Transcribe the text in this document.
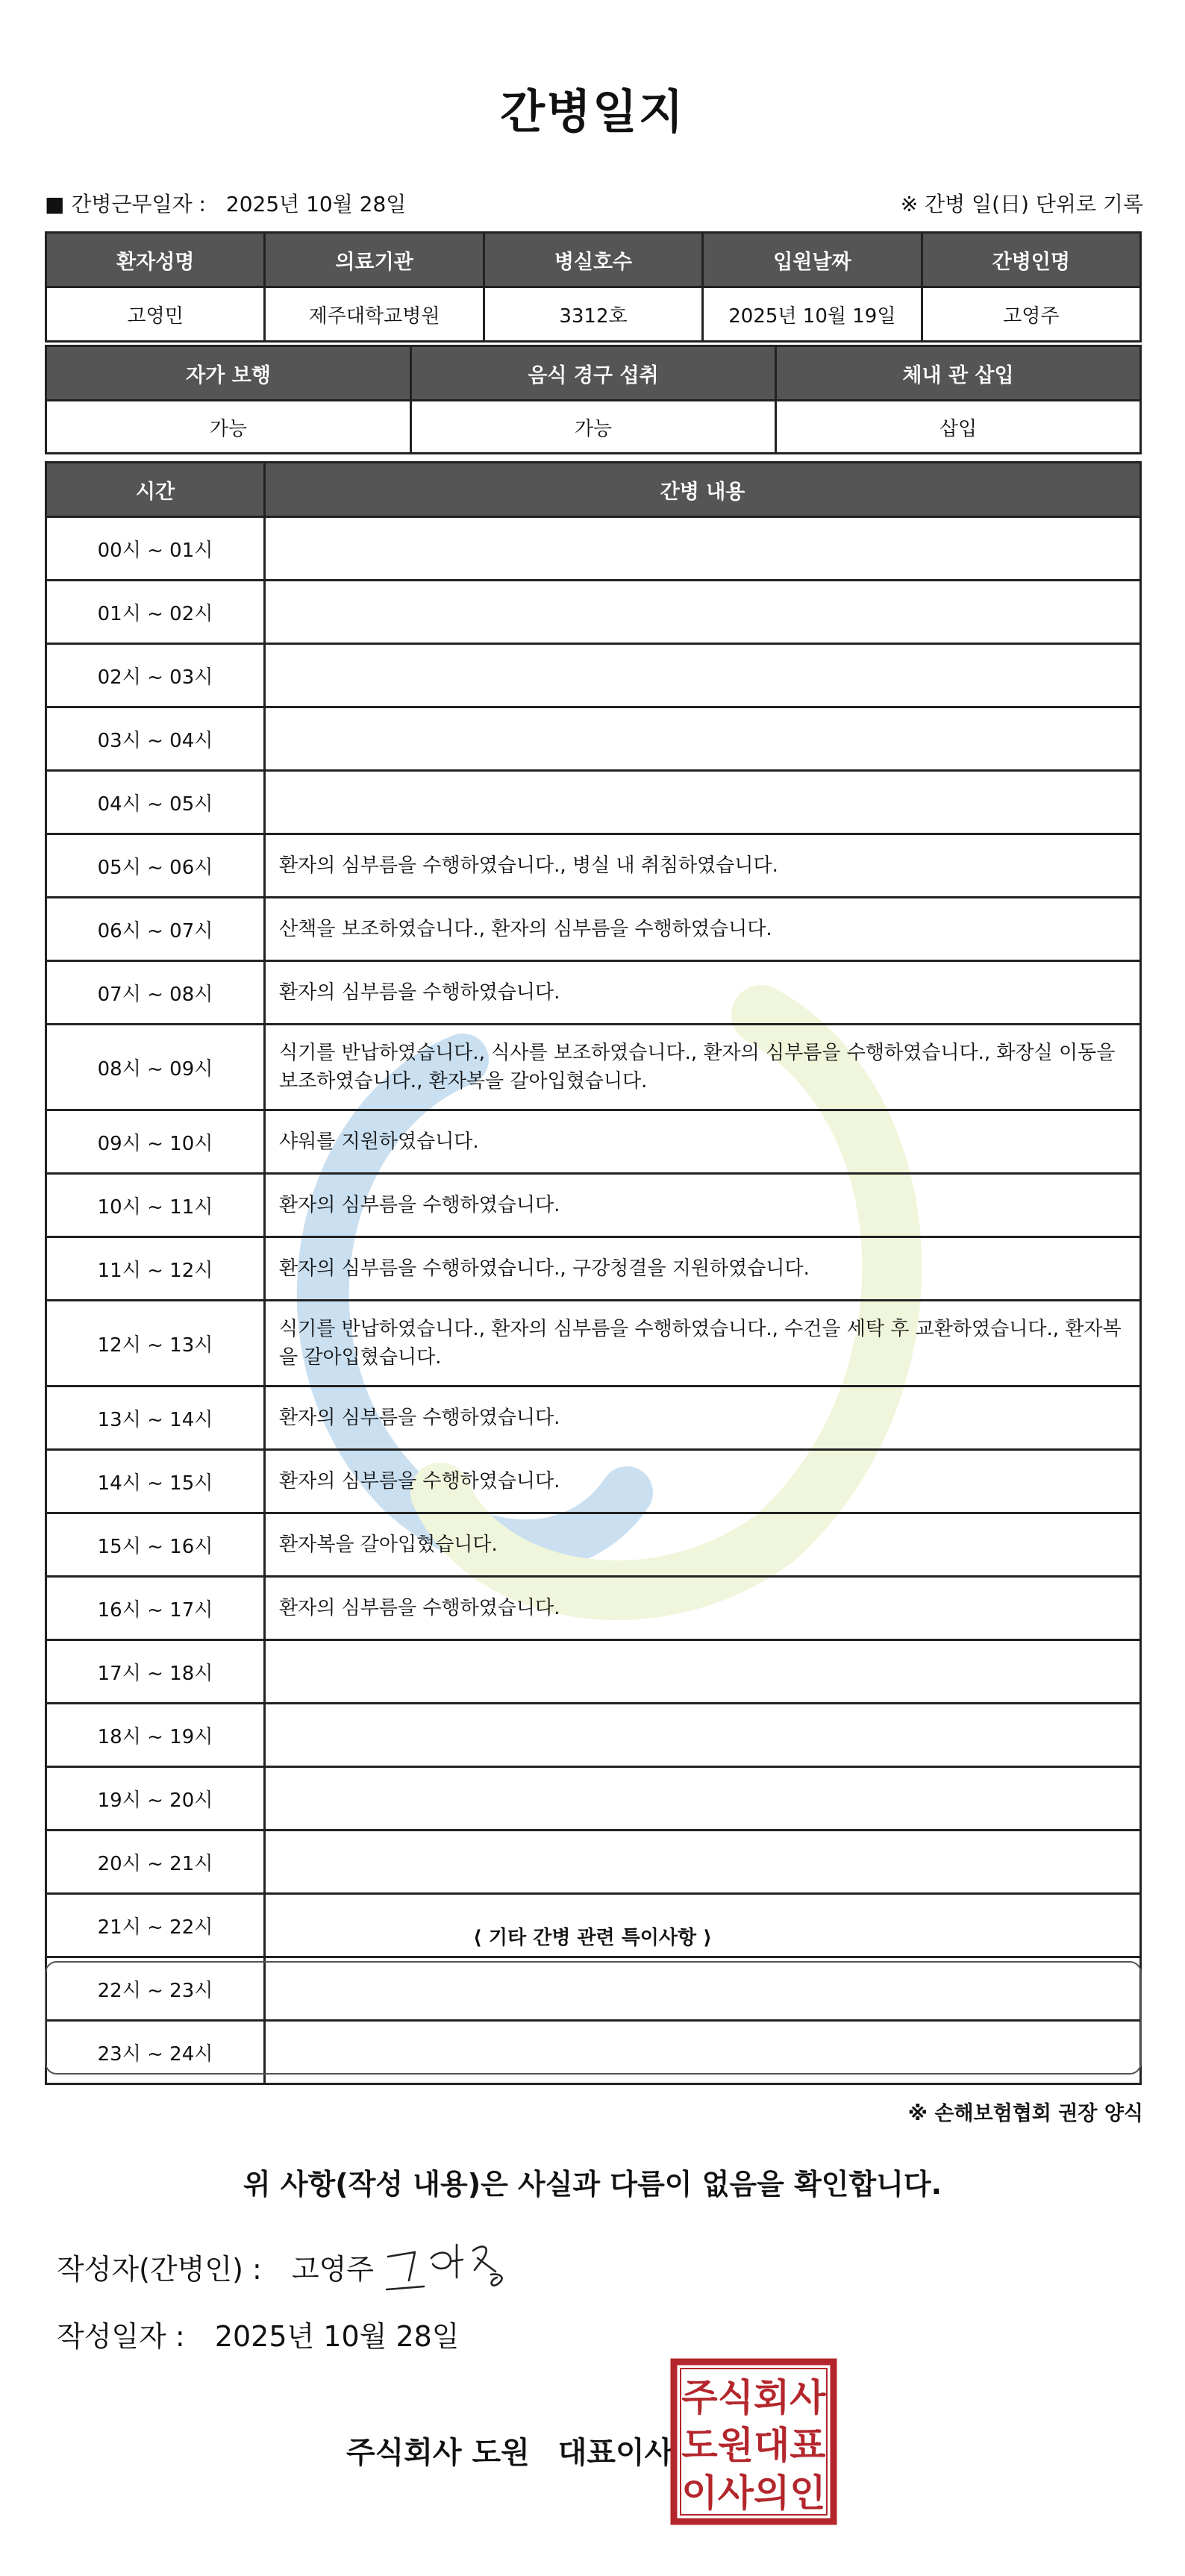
간병일지
■ 간병근무일자 : 2025년 10월 28일	※ 간병 일(日) 단위로 기록
환자성명	의료기관	병실호수	입원날짜	간병인명
고영민	제주대학교병원	3312호	2025년 10월 19일	고영주
자가 보행	음식 경구 섭취	체내 관 삽입
가능	가능	삽입
시간	간병 내용
00시 ~ 01시	
01시 ~ 02시	
02시 ~ 03시	
03시 ~ 04시	
04시 ~ 05시	
05시 ~ 06시	환자의 심부름을 수행하였습니다., 병실 내 취침하였습니다.
06시 ~ 07시	산책을 보조하였습니다., 환자의 심부름을 수행하였습니다.
07시 ~ 08시	환자의 심부름을 수행하였습니다.
08시 ~ 09시	식기를 반납하였습니다., 식사를 보조하였습니다., 환자의 심부름을 수행하였습니다., 화장실 이동을 보조하였습니다., 환자복을 갈아입혔습니다.
09시 ~ 10시	샤워를 지원하였습니다.
10시 ~ 11시	환자의 심부름을 수행하였습니다.
11시 ~ 12시	환자의 심부름을 수행하였습니다., 구강청결을 지원하였습니다.
12시 ~ 13시	식기를 반납하였습니다., 환자의 심부름을 수행하였습니다., 수건을 세탁 후 교환하였습니다., 환자복을 갈아입혔습니다.
13시 ~ 14시	환자의 심부름을 수행하였습니다.
14시 ~ 15시	환자의 심부름을 수행하였습니다.
15시 ~ 16시	환자복을 갈아입혔습니다.
16시 ~ 17시	환자의 심부름을 수행하였습니다.
17시 ~ 18시	
18시 ~ 19시	
19시 ~ 20시	
20시 ~ 21시	
21시 ~ 22시	
22시 ~ 23시	
23시 ~ 24시	
⟨ 기타 간병 관련 특이사항 ⟩
※ 손해보험협회 권장 양식
위 사항(작성 내용)은 사실과 다름이 없음을 확인합니다.
작성자(간병인) : 고영주
작성일자 : 2025년 10월 28일
주식회사 도원 대표이사
주식회사
도원대표
이사의인
